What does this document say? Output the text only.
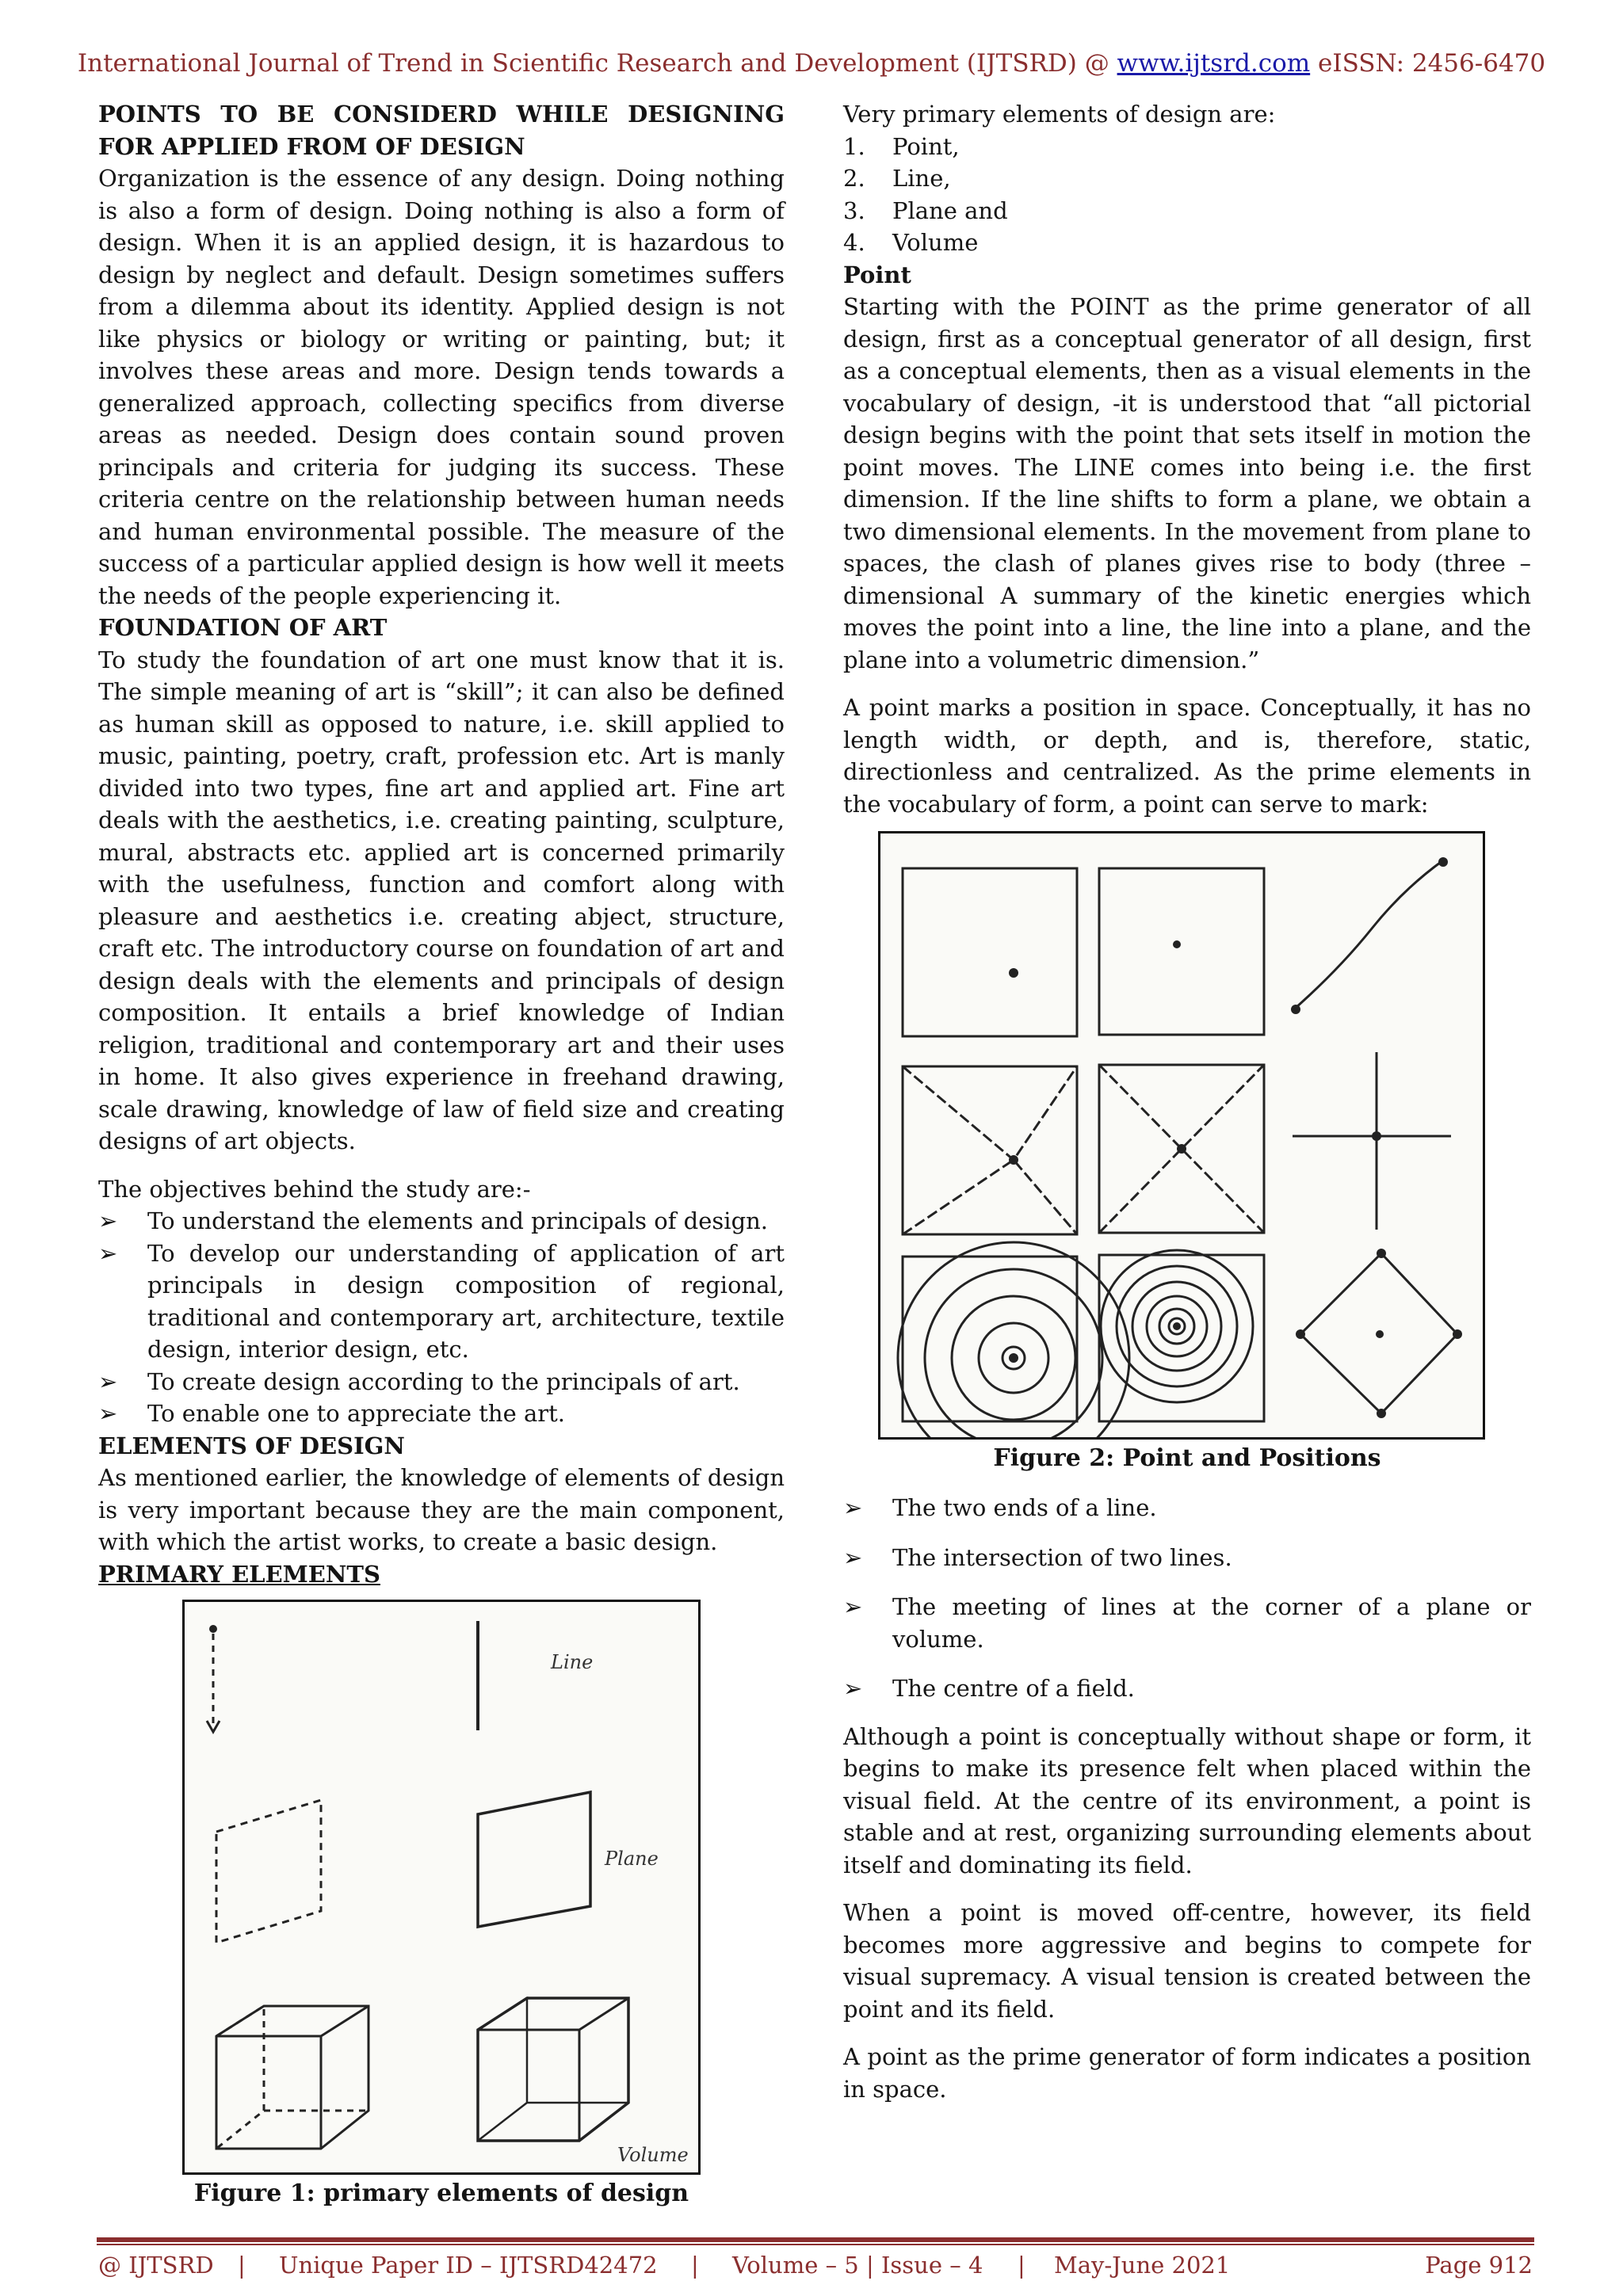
International Journal of Trend in Scientific Research and Development (IJTSRD) @ www.ijtsrd.com eISSN: 2456-6470
POINTS TO BE CONSIDERD WHILE DESIGNING FOR APPLIED FROM OF DESIGN

Organization is the essence of any design. Doing nothing is also a form of design. Doing nothing is also a form of design. When it is an applied design, it is hazardous to design by neglect and default. Design sometimes suffers from a dilemma about its identity. Applied design is not like physics or biology or writing or painting, but; it involves these areas and more. Design tends towards a generalized approach, collecting specifics from diverse areas as needed. Design does contain sound proven principals and criteria for judging its success. These criteria centre on the relationship between human needs and human environmental possible. The measure of the success of a particular applied design is how well it meets the needs of the people experiencing it.

FOUNDATION OF ART

To study the foundation of art one must know that it is. The simple meaning of art is “skill”; it can also be defined as human skill as opposed to nature, i.e. skill applied to music, painting, poetry, craft, profession etc. Art is manly divided into two types, fine art and applied art. Fine art deals with the aesthetics, i.e. creating painting, sculpture, mural, abstracts etc. applied art is concerned primarily with the usefulness, function and comfort along with pleasure and aesthetics i.e. creating abject, structure, craft etc. The introductory course on foundation of art and design deals with the elements and principals of design composition. It entails a brief knowledge of Indian religion, traditional and contemporary art and their uses in home. It also gives experience in freehand drawing, scale drawing, knowledge of law of field size and creating designs of art objects.

The objectives behind the study are:-

➢ To understand the elements and principals of design.
➢ To develop our understanding of application of art principals in design composition of regional, traditional and contemporary art, architecture, textile design, interior design, etc.
➢ To create design according to the principals of art.
➢ To enable one to appreciate the art.
ELEMENTS OF DESIGN

As mentioned earlier, the knowledge of elements of design is very important because they are the main component, with which the artist works, to create a basic design.

PRIMARY ELEMENTS
Line
Plane
Volume
Figure 1: primary elements of design

Very primary elements of design are:

1. Point,
2. Line,
3. Plane and
4. Volume
Point

Starting with the POINT as the prime generator of all design, first as a conceptual generator of all design, first as a conceptual elements, then as a visual elements in the vocabulary of design, -it is understood that “all pictorial design begins with the point that sets itself in motion the point moves. The LINE comes into being i.e. the first dimension. If the line shifts to form a plane, we obtain a two dimensional elements. In the movement from plane to spaces, the clash of planes gives rise to body (three – dimensional A summary of the kinetic energies which moves the point into a line, the line into a plane, and the plane into a volumetric dimension.”

A point marks a position in space. Conceptually, it has no length width, or depth, and is, therefore, static, directionless and centralized. As the prime elements in the vocabulary of form, a point can serve to mark:

Figure 2: Point and Positions
➢ The two ends of a line.
➢ The intersection of two lines.
➢ The meeting of lines at the corner of a plane or volume.
➢ The centre of a field.

Although a point is conceptually without shape or form, it begins to make its presence felt when placed within the visual field. At the centre of its environment, a point is stable and at rest, organizing surrounding elements about itself and dominating its field.

When a point is moved off-centre, however, its field becomes more aggressive and begins to compete for visual supremacy. A visual tension is created between the point and its field.

A point as the prime generator of form indicates a position in space.

@ IJTSRD | Unique Paper ID – IJTSRD42472 | Volume – 5 | Issue – 4 | May-June 2021	Page 912
